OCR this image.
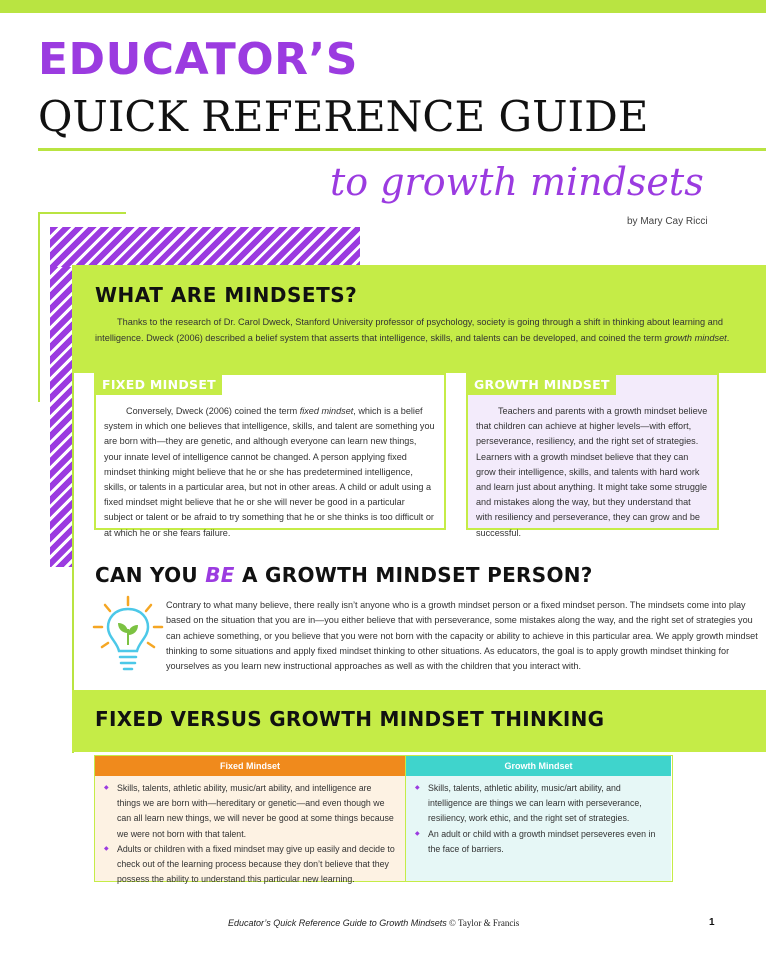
EDUCATOR’S
QUICK REFERENCE GUIDE
to growth mindsets
by Mary Cay Ricci
WHAT ARE MINDSETS?
Thanks to the research of Dr. Carol Dweck, Stanford University professor of psychology, society is going through a shift in thinking about learning and intelligence. Dweck (2006) described a belief system that asserts that intelligence, skills, and talents can be developed, and coined the term growth mindset.
FIXED MINDSET
Conversely, Dweck (2006) coined the term fixed mindset, which is a belief system in which one believes that intelligence, skills, and talent are something you are born with—they are genetic, and although everyone can learn new things, your innate level of intelligence cannot be changed. A person applying fixed mindset thinking might believe that he or she has predetermined intelligence, skills, or talents in a particular area, but not in other areas. A child or adult using a fixed mindset might believe that he or she will never be good in a particular subject or talent or be afraid to try something that he or she thinks is too difficult or at which he or she fears failure.
GROWTH MINDSET
Teachers and parents with a growth mindset believe that children can achieve at higher levels—with effort, perseverance, resiliency, and the right set of strategies. Learners with a growth mindset believe that they can grow their intelligence, skills, and talents with hard work and learn just about anything. It might take some struggle and mistakes along the way, but they understand that with resiliency and perseverance, they can grow and be successful.
CAN YOU BE A GROWTH MINDSET PERSON?
Contrary to what many believe, there really isn’t anyone who is a growth mindset person or a fixed mindset person. The mindsets come into play based on the situation that you are in—you either believe that with perseverance, some mistakes along the way, and the right set of strategies you can achieve something, or you believe that you were not born with the capacity or ability to achieve in this particular area. We apply growth mindset thinking to some situations and apply fixed mindset thinking to other situations. As educators, the goal is to apply growth mindset thinking for yourselves as you learn new instructional approaches as well as with the children that you interact with.
FIXED VERSUS GROWTH MINDSET THINKING
Fixed Mindset
◆ Skills, talents, athletic ability, music/art ability, and intelligence are things we are born with—hereditary or genetic—and even though we can all learn new things, we will never be good at some things because we were not born with that talent.
◆ Adults or children with a fixed mindset may give up easily and decide to check out of the learning process because they don’t believe that they possess the ability to understand this particular new learning.
Growth Mindset
◆ Skills, talents, athletic ability, music/art ability, and intelligence are things we can learn with perseverance, resiliency, work ethic, and the right set of strategies.
◆ An adult or child with a growth mindset perseveres even in the face of barriers.
Educator’s Quick Reference Guide to Growth Mindsets © Taylor & Francis	1
